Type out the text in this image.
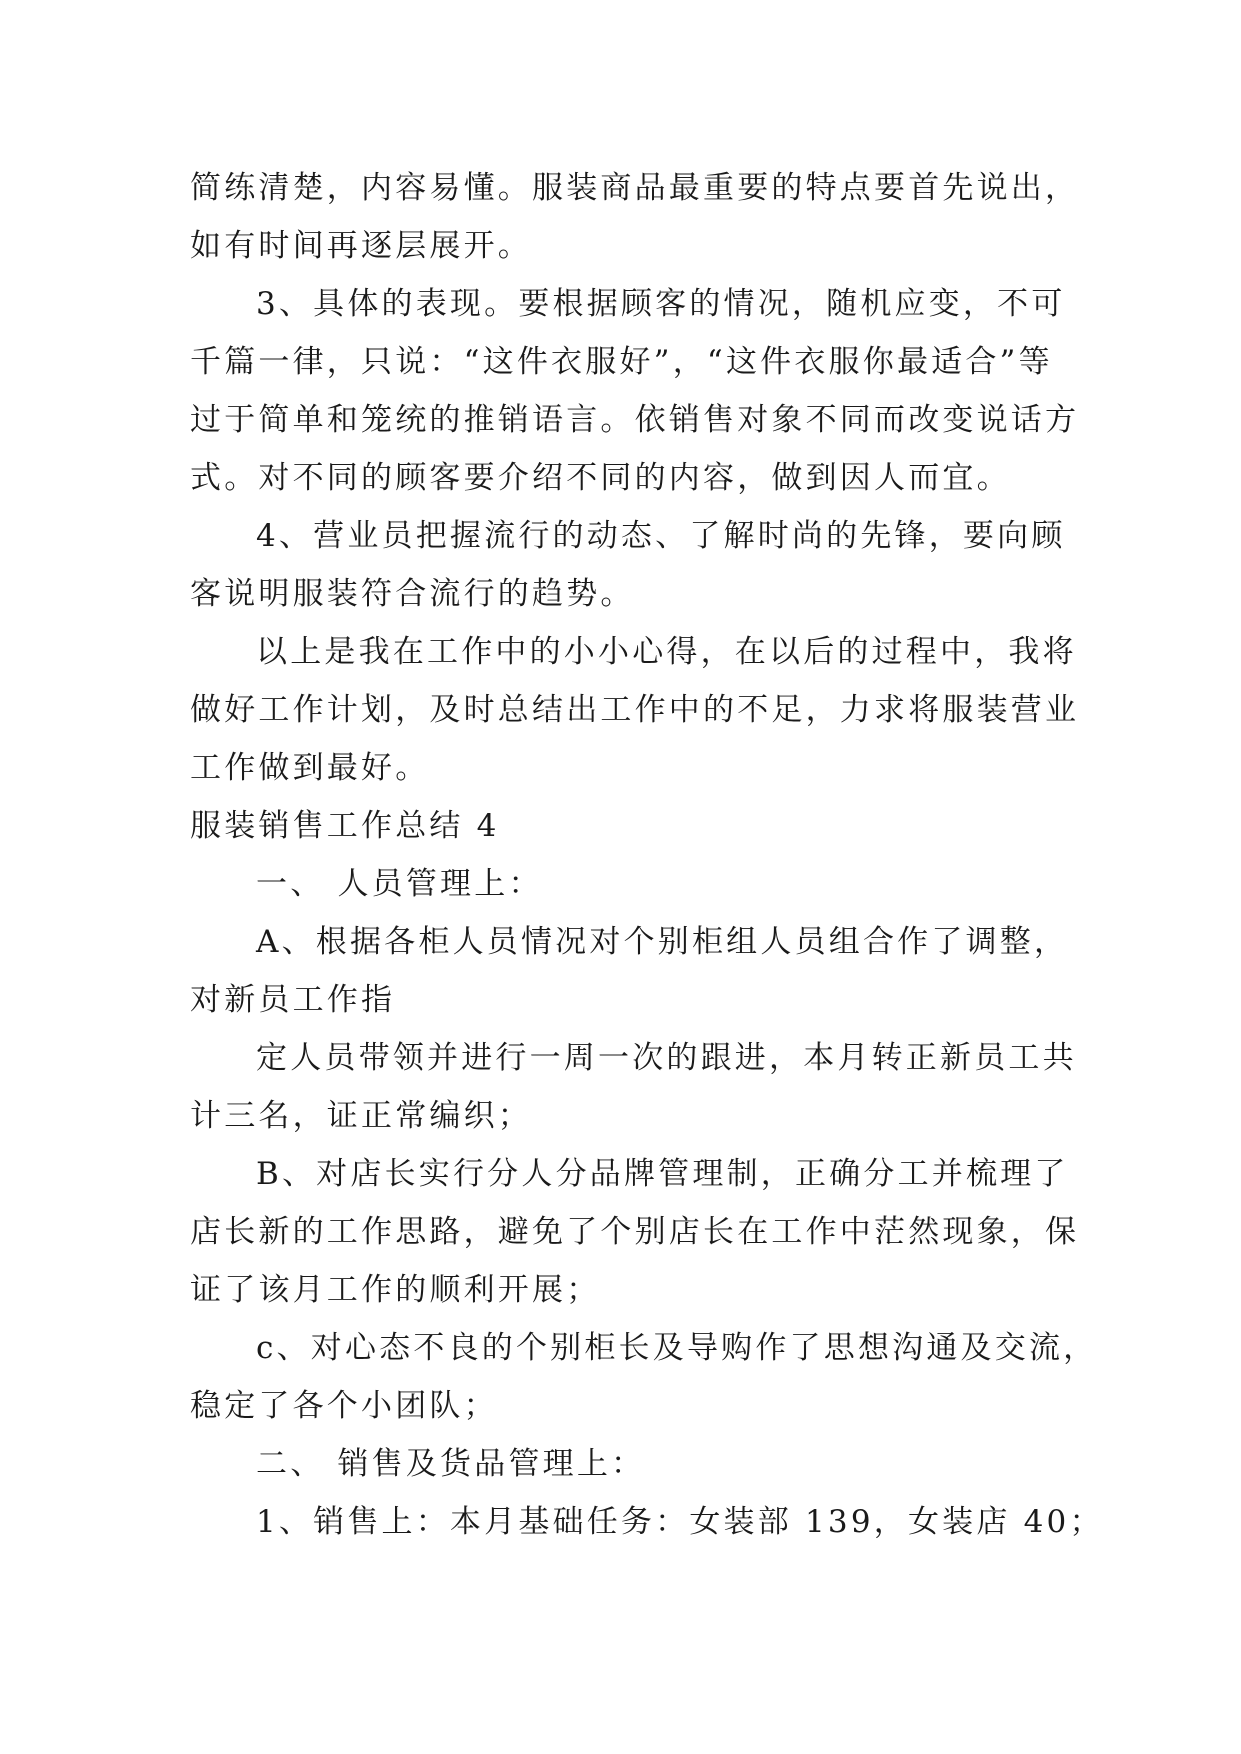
简练清楚，内容易懂。服装商品最重要的特点要首先说出，
如有时间再逐层展开。
3、具体的表现。要根据顾客的情况，随机应变，不可
千篇一律，只说：“这件衣服好”，“这件衣服你最适合”等
过于简单和笼统的推销语言。依销售对象不同而改变说话方
式。对不同的顾客要介绍不同的内容，做到因人而宜。
4、营业员把握流行的动态、了解时尚的先锋，要向顾
客说明服装符合流行的趋势。
以上是我在工作中的小小心得，在以后的过程中，我将
做好工作计划，及时总结出工作中的不足，力求将服装营业
工作做到最好。
服装销售工作总结 4
一、 人员管理上：
A、根据各柜人员情况对个别柜组人员组合作了调整，
对新员工作指
定人员带领并进行一周一次的跟进，本月转正新员工共
计三名，证正常编织；
B、对店长实行分人分品牌管理制，正确分工并梳理了
店长新的工作思路，避免了个别店长在工作中茫然现象，保
证了该月工作的顺利开展；
c、对心态不良的个别柜长及导购作了思想沟通及交流，
稳定了各个小团队；
二、 销售及货品管理上：
1、销售上：本月基础任务：女装部 139，女装店 40；
